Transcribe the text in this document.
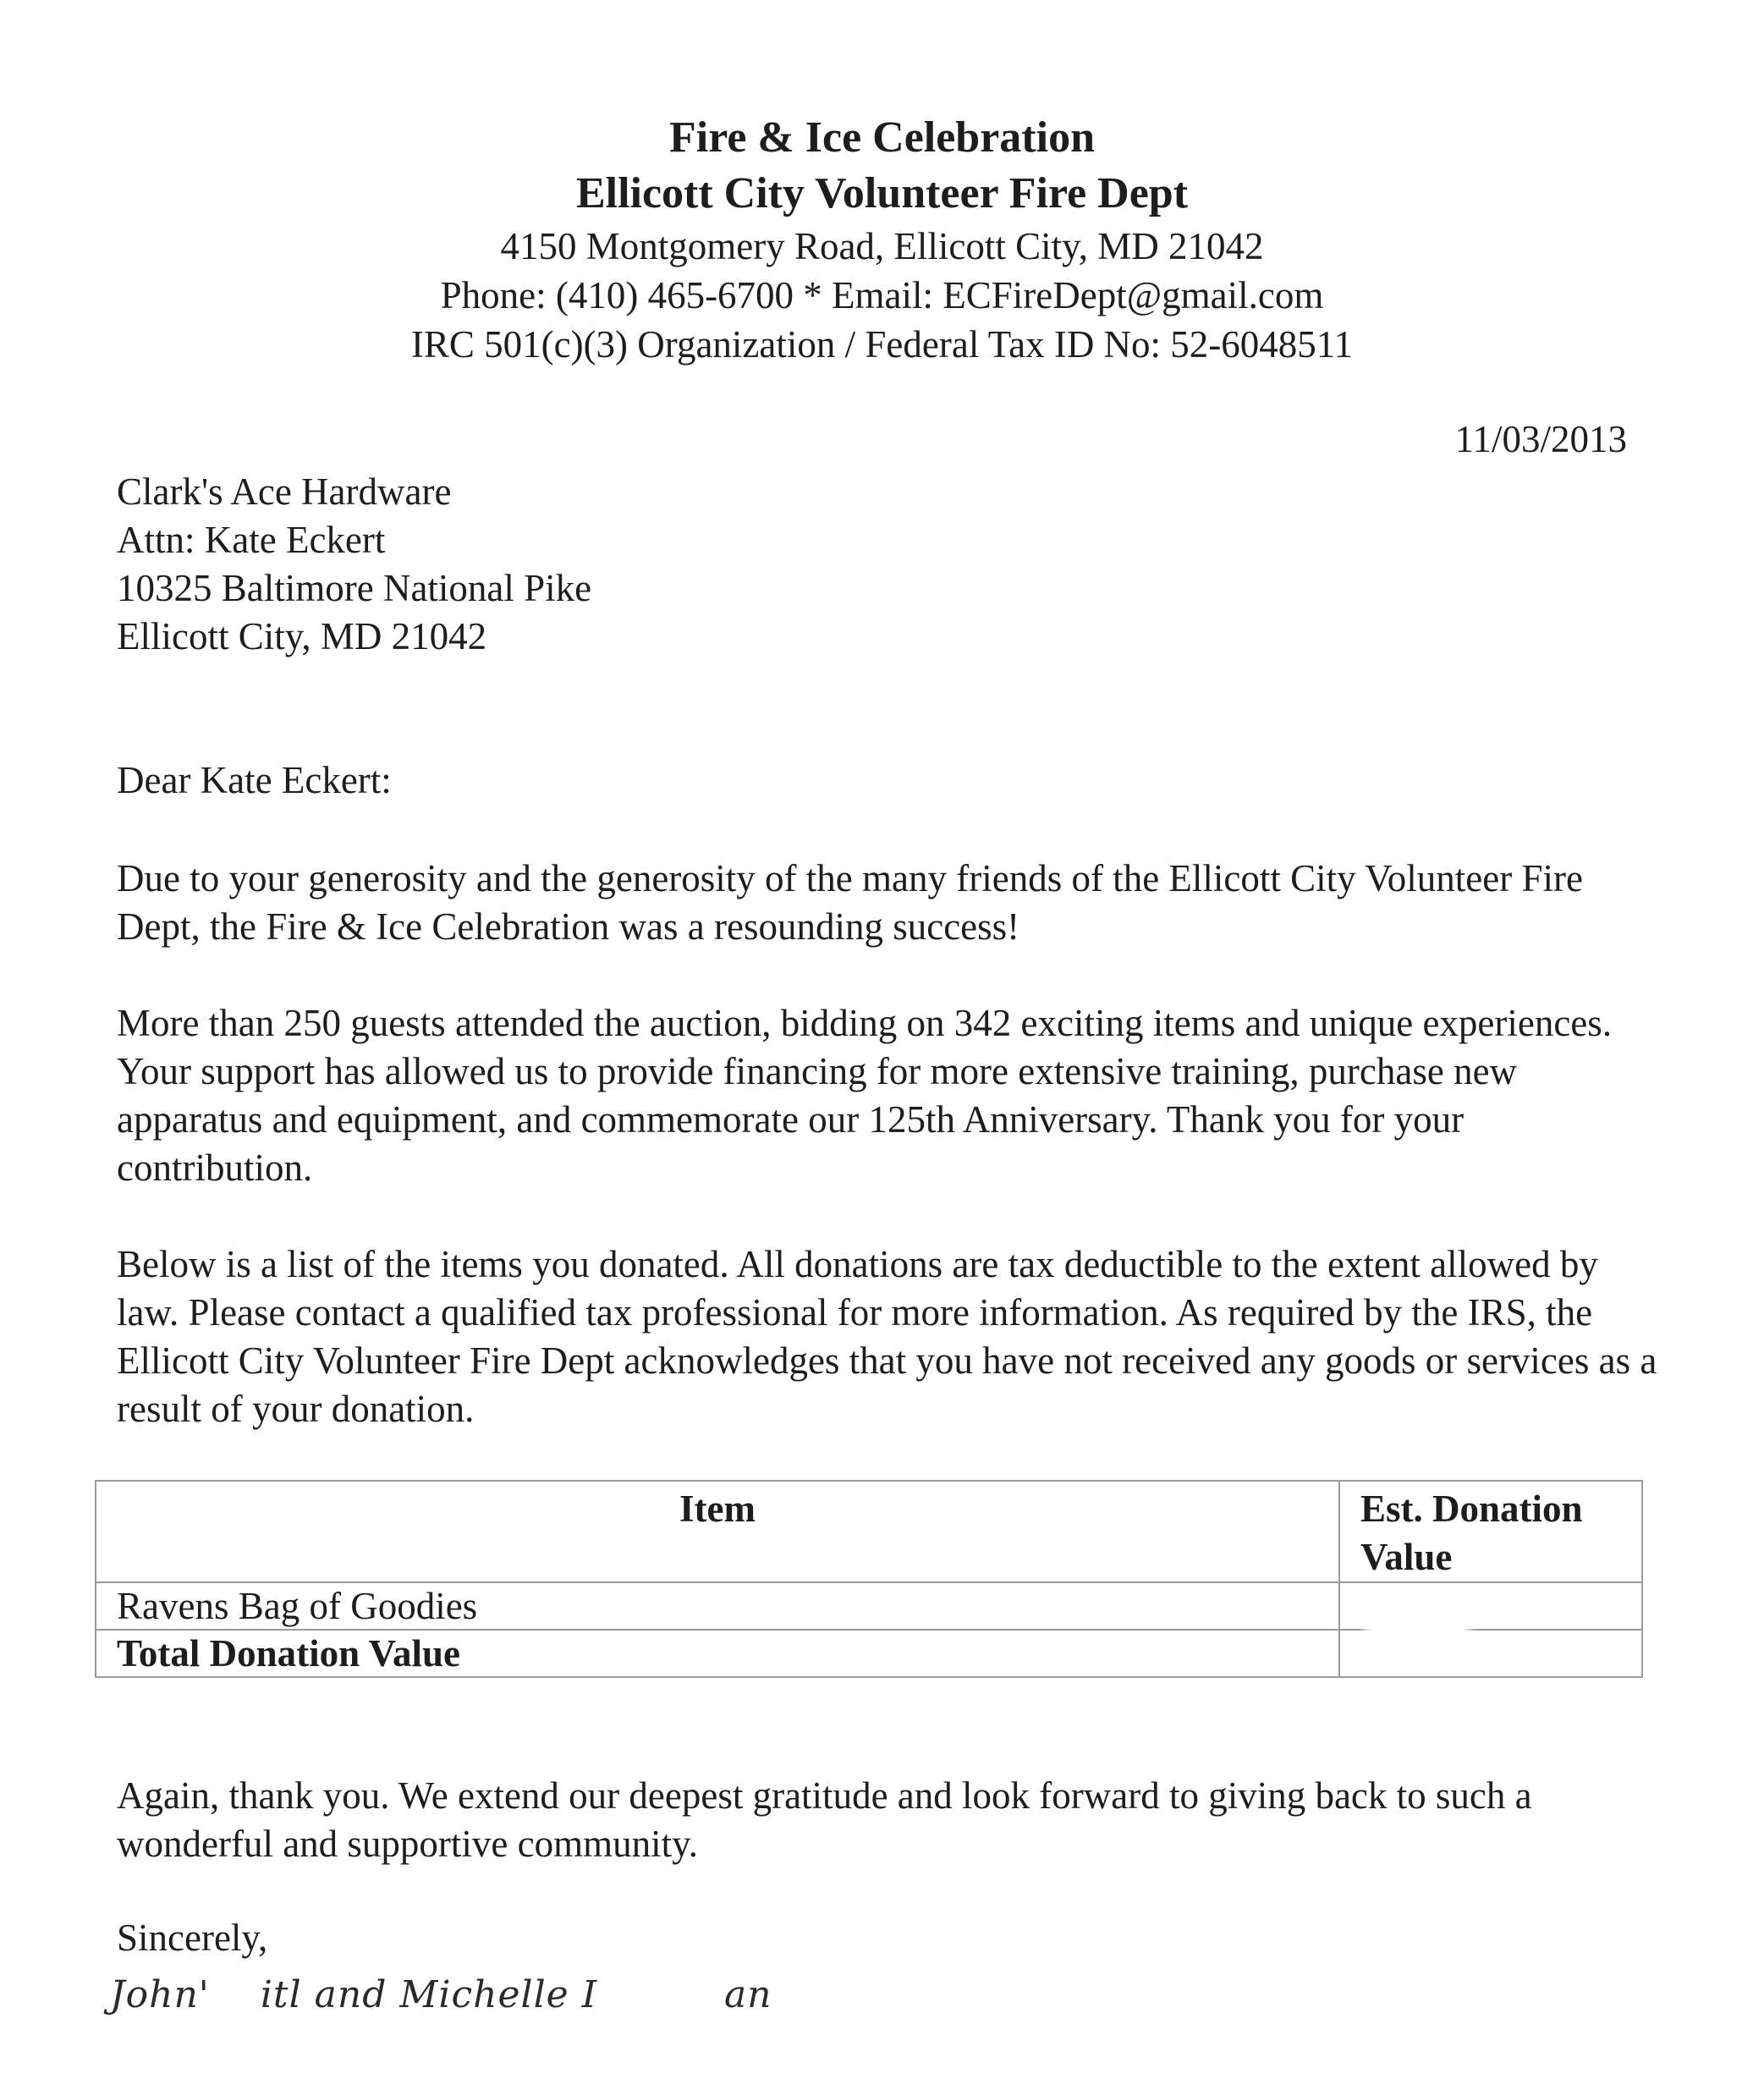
Fire & Ice Celebration
Ellicott City Volunteer Fire Dept
4150 Montgomery Road, Ellicott City, MD 21042
Phone: (410) 465-6700 * Email: ECFireDept@gmail.com
IRC 501(c)(3) Organization / Federal Tax ID No: 52-6048511
11/03/2013
Clark's Ace Hardware
Attn: Kate Eckert
10325 Baltimore National Pike
Ellicott City, MD 21042
Dear Kate Eckert:
Due to your generosity and the generosity of the many friends of the Ellicott City Volunteer Fire Dept, the Fire & Ice Celebration was a resounding success!
More than 250 guests attended the auction, bidding on 342 exciting items and unique experiences. Your support has allowed us to provide financing for more extensive training, purchase new apparatus and equipment, and commemorate our 125th Anniversary. Thank you for your contribution.
Below is a list of the items you donated. All donations are tax deductible to the extent allowed by law. Please contact a qualified tax professional for more information. As required by the IRS, the Ellicott City Volunteer Fire Dept acknowledges that you have not received any goods or services as a result of your donation.
Item	Est. Donation Value
Ravens Bag of Goodies	
Total Donation Value	
Again, thank you. We extend our deepest gratitude and look forward to giving back to such a wonderful and supportive community.
Sincerely,
John'    itl and Michelle I          an
